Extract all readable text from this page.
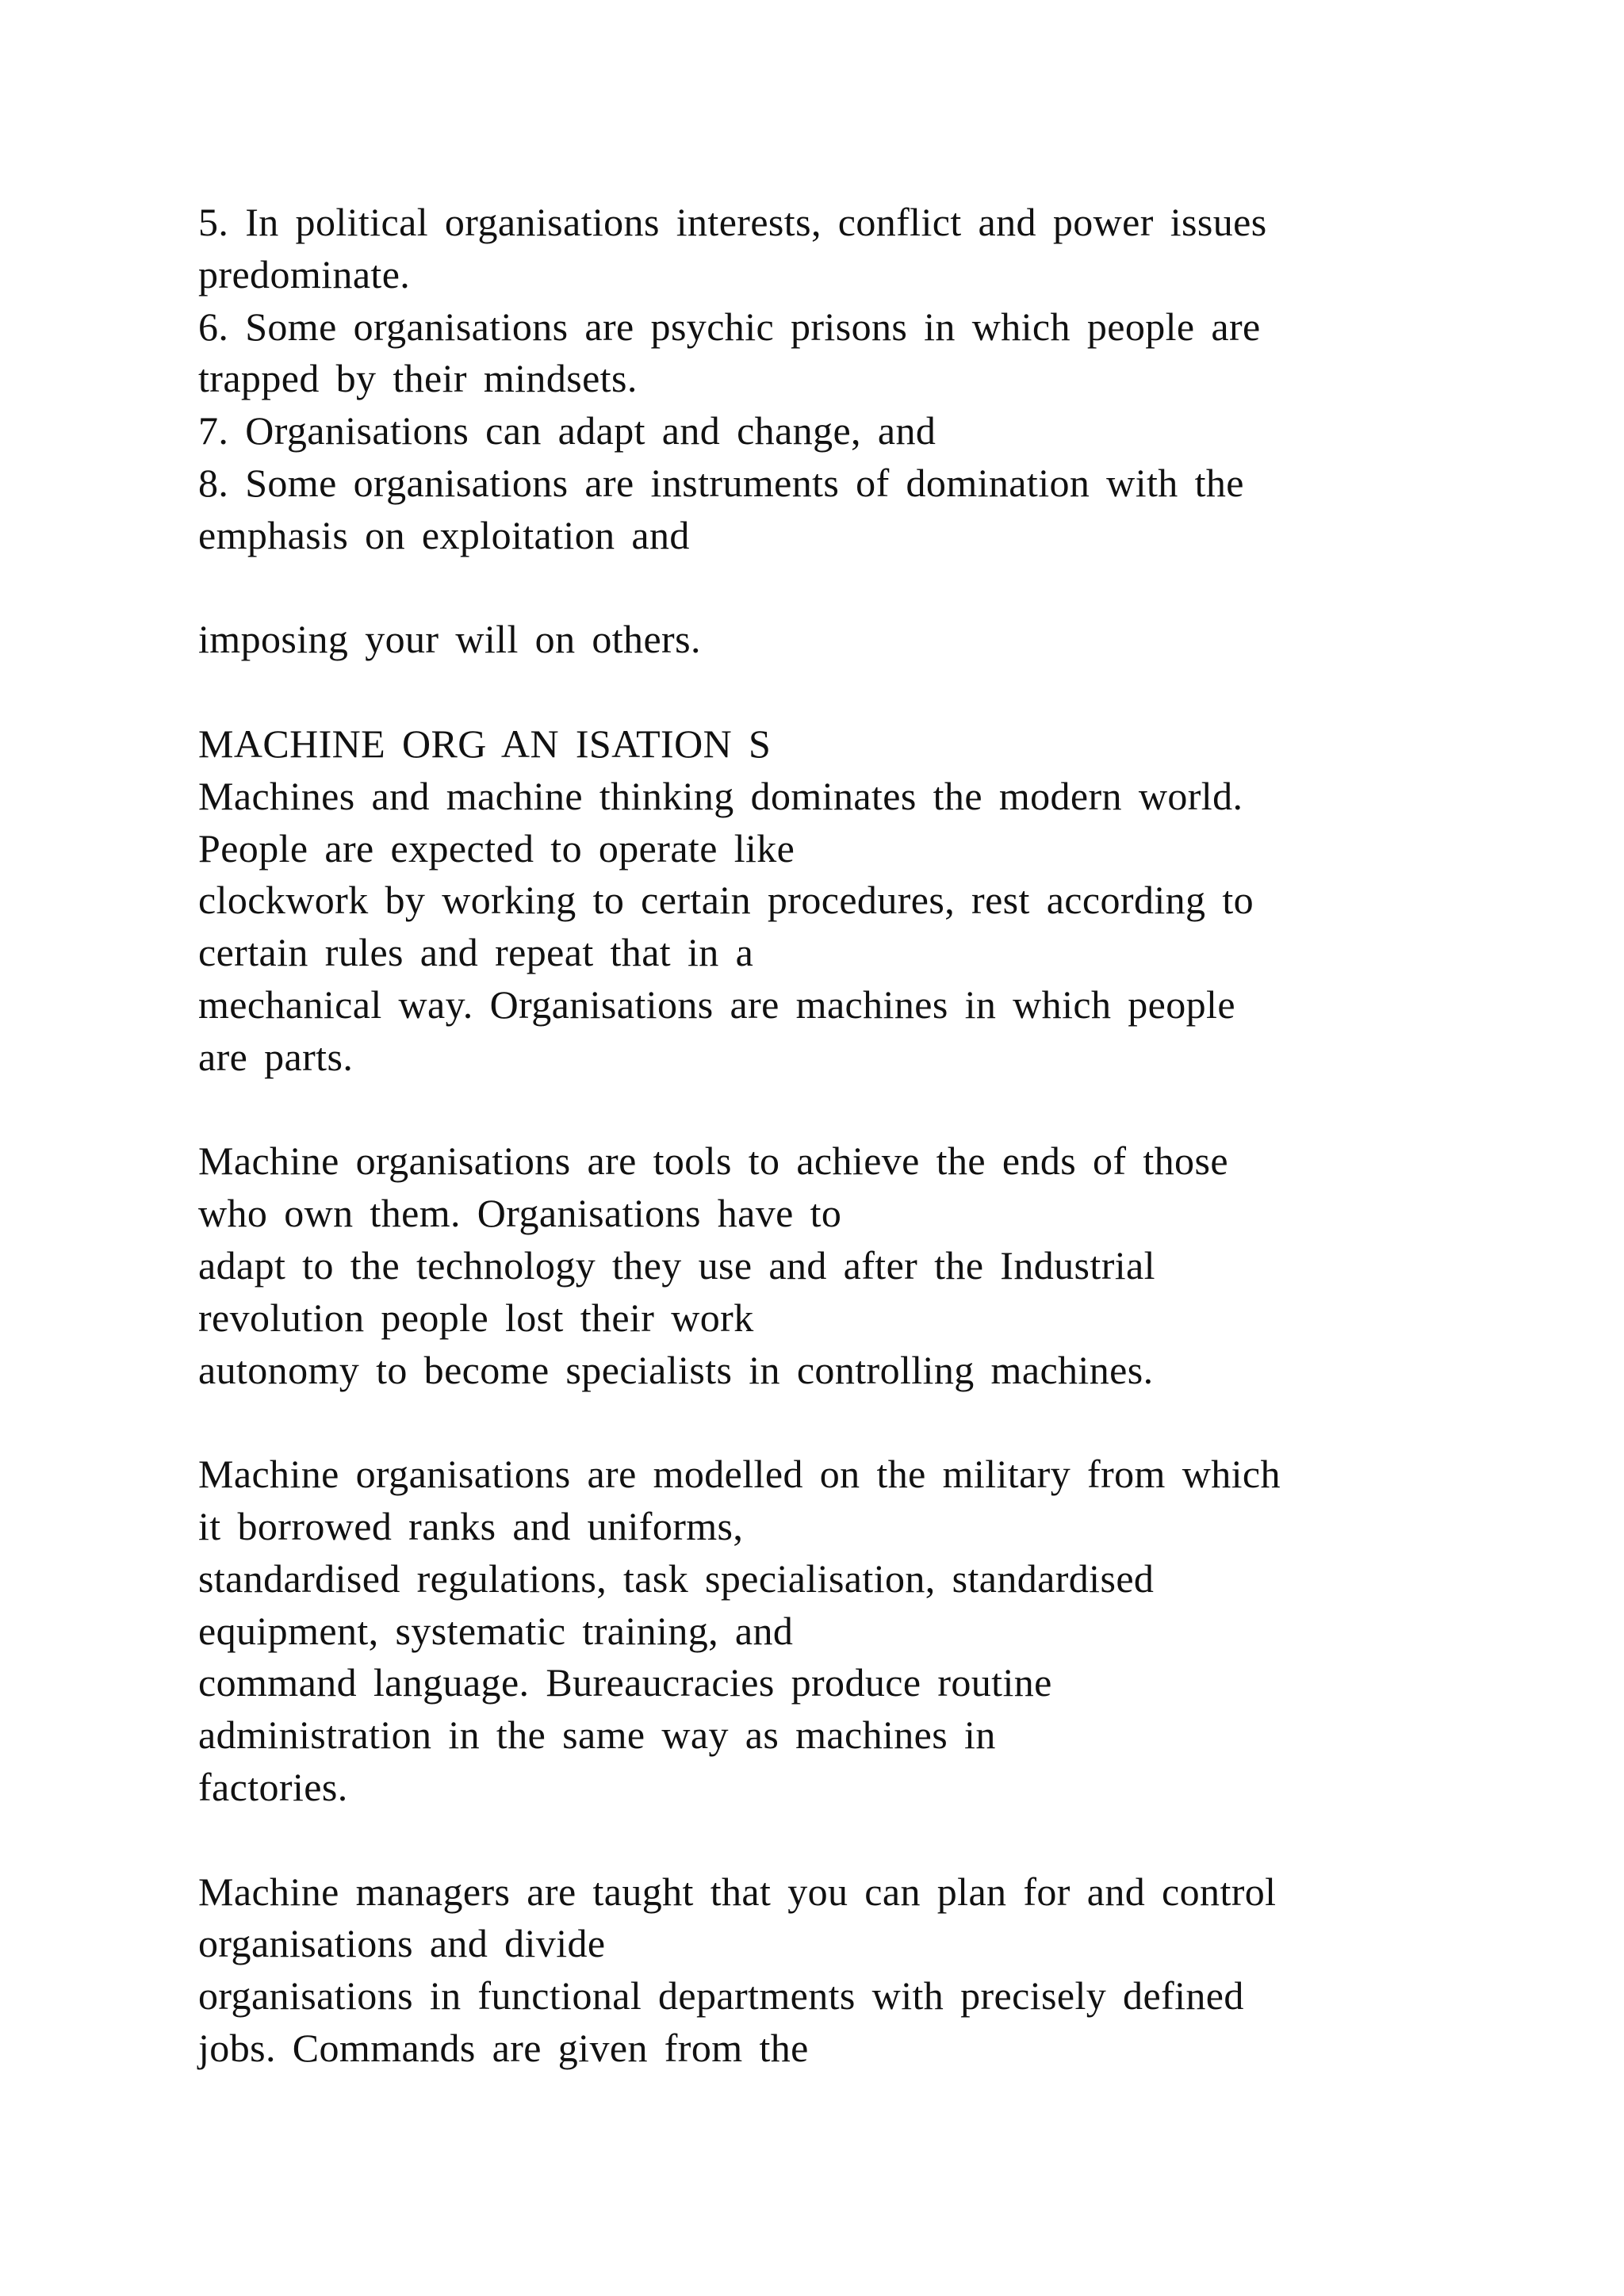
5. In political organisations interests, conflict and power issues
predominate.
6. Some organisations are psychic prisons in which people are
trapped by their mindsets.
7. Organisations can adapt and change, and
8. Some organisations are instruments of domination with the
emphasis on exploitation and
imposing your will on others.
MACHINE ORG AN ISATION S
Machines and machine thinking dominates the modern world.
People are expected to operate like
clockwork by working to certain procedures, rest according to
certain rules and repeat that in a
mechanical way. Organisations are machines in which people
are parts.
Machine organisations are tools to achieve the ends of those
who own them. Organisations have to
adapt to the technology they use and after the Industrial
revolution people lost their work
autonomy to become specialists in controlling machines.
Machine organisations are modelled on the military from which
it borrowed ranks and uniforms,
standardised regulations, task specialisation, standardised
equipment, systematic training, and
command language. Bureaucracies produce routine
administration in the same way as machines in
factories.
Machine managers are taught that you can plan for and control
organisations and divide
organisations in functional departments with precisely defined
jobs. Commands are given from the
